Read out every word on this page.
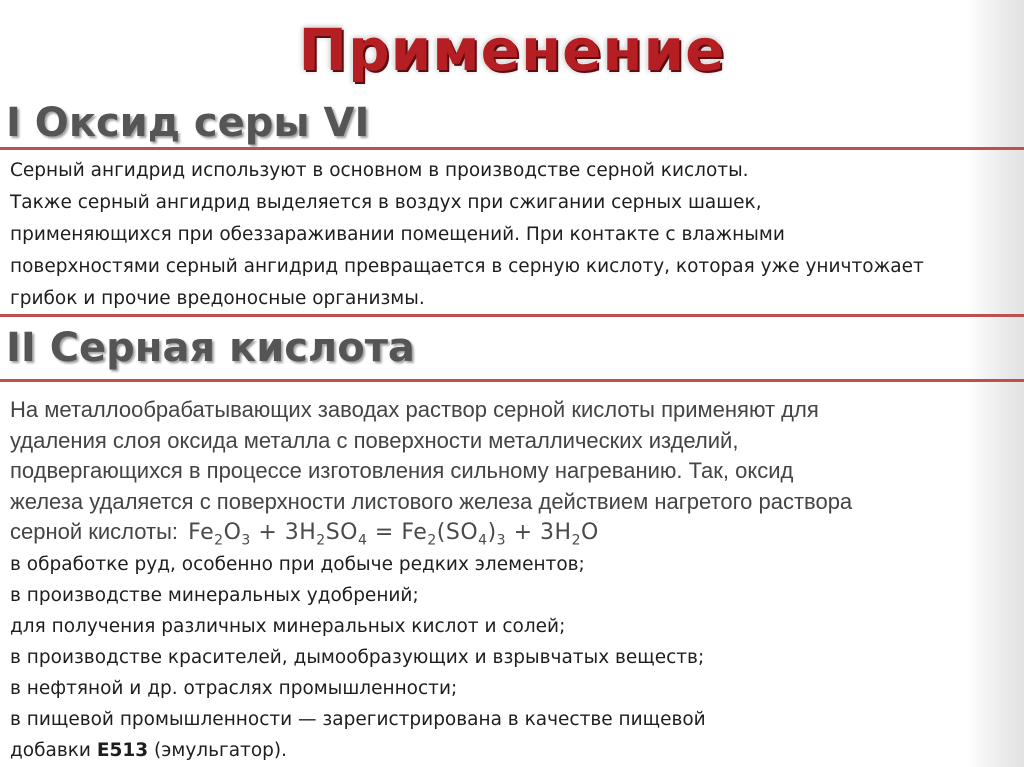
Применение
I Оксид серы VI
Серный ангидрид используют в основном в производстве серной кислоты.
Также серный ангидрид выделяется в воздух при сжигании серных шашек,
применяющихся при обеззараживании помещений. При контакте с влажными
поверхностями серный ангидрид превращается в серную кислоту, которая уже уничтожает
грибок и прочие вредоносные организмы.
II Серная кислота
На металлообрабатывающих заводах раствор серной кислоты применяют для
удаления слоя оксида металла с поверхности металлических изделий,
подвергающихся в процессе изготовления сильному нагреванию. Так, оксид
железа удаляется с поверхности листового железа действием нагретого раствора
серной кислоты: $Fe_2O_3 + 3H_2SO_4 = Fe_2(SO_4)_3 + 3H_2O$
в обработке руд, особенно при добыче редких элементов;
в производстве минеральных удобрений;
для получения различных минеральных кислот и солей;
в производстве красителей, дымообразующих и взрывчатых веществ;
в нефтяной и др. отраслях промышленности;
в пищевой промышленности — зарегистрирована в качестве пищевой
добавки E513 (эмульгатор).
